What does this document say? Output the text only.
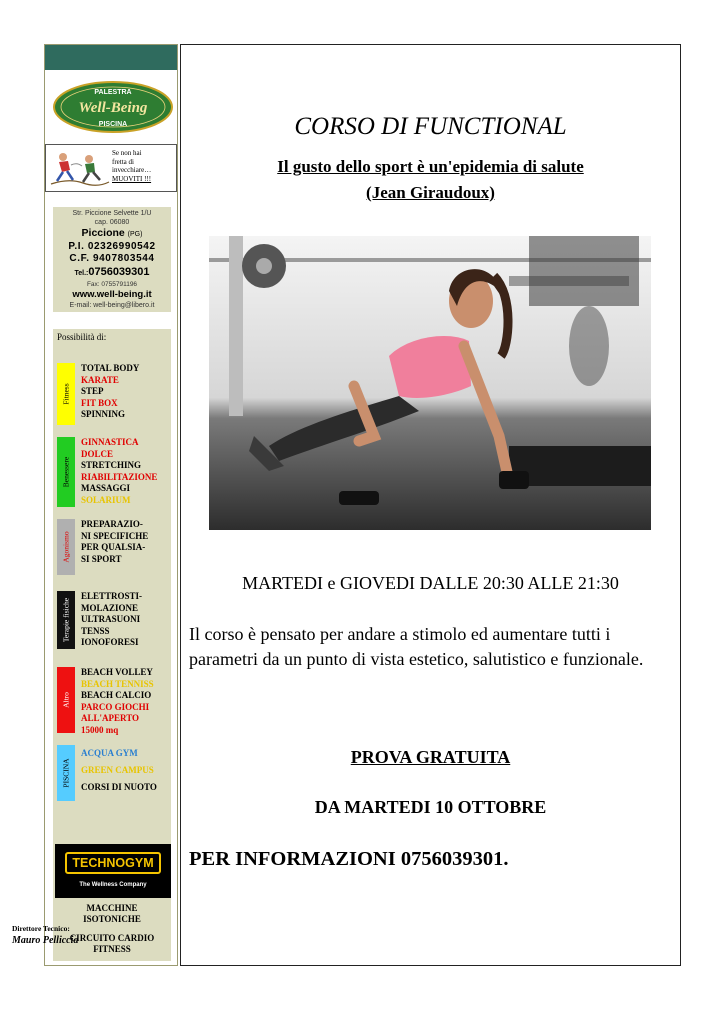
PALESTRA
Well-Being
PISCINA
Se non hai
fretta di
invecchiare…
MUOVITI !!!
Str. Piccione Selvette 1/U
cap. 06080
Piccione (PG)
P.I. 02326990542
C.F. 9407803544
Tel.:0756039301
Fax: 0755791196
www.well-being.it
E-mail: well-being@libero.it
Possibilità di:
Fitness
TOTAL BODY
KARATE
STEP
FIT BOX
SPINNING
Benessere
GINNASTICA
DOLCE
STRETCHING
RIABILITAZIONE
MASSAGGI
SOLARIUM
Agonismo
PREPARAZIO-
NI SPECIFICHE
PER QUALSIA-
SI SPORT
Terapie fisiche
ELETTROSTI-
MOLAZIONE
ULTRASUONI
TENSS
IONOFORESI
Altro
BEACH VOLLEY
BEACH TENNISS
BEACH CALCIO
PARCO GIOCHI
ALL'APERTO
15000 mq
PISCINA
ACQUA GYM
GREEN CAMPUS
CORSI DI NUOTO
TECHNOGYM
The Wellness Company
MACCHINE
ISOTONICHE
CIRCUITO CARDIO
FITNESS
Direttore Tecnico:
Mauro Pelliccia
CORSO DI FUNCTIONAL
Il gusto dello sport è un'epidemia di salute
(Jean Giraudoux)
MARTEDI e GIOVEDI DALLE 20:30 ALLE 21:30
Il corso è pensato per andare a stimolo ed aumentare tutti i parametri da un punto di vista estetico, salutistico e funzionale.
PROVA GRATUITA
DA MARTEDI 10 OTTOBRE
PER INFORMAZIONI 0756039301.
